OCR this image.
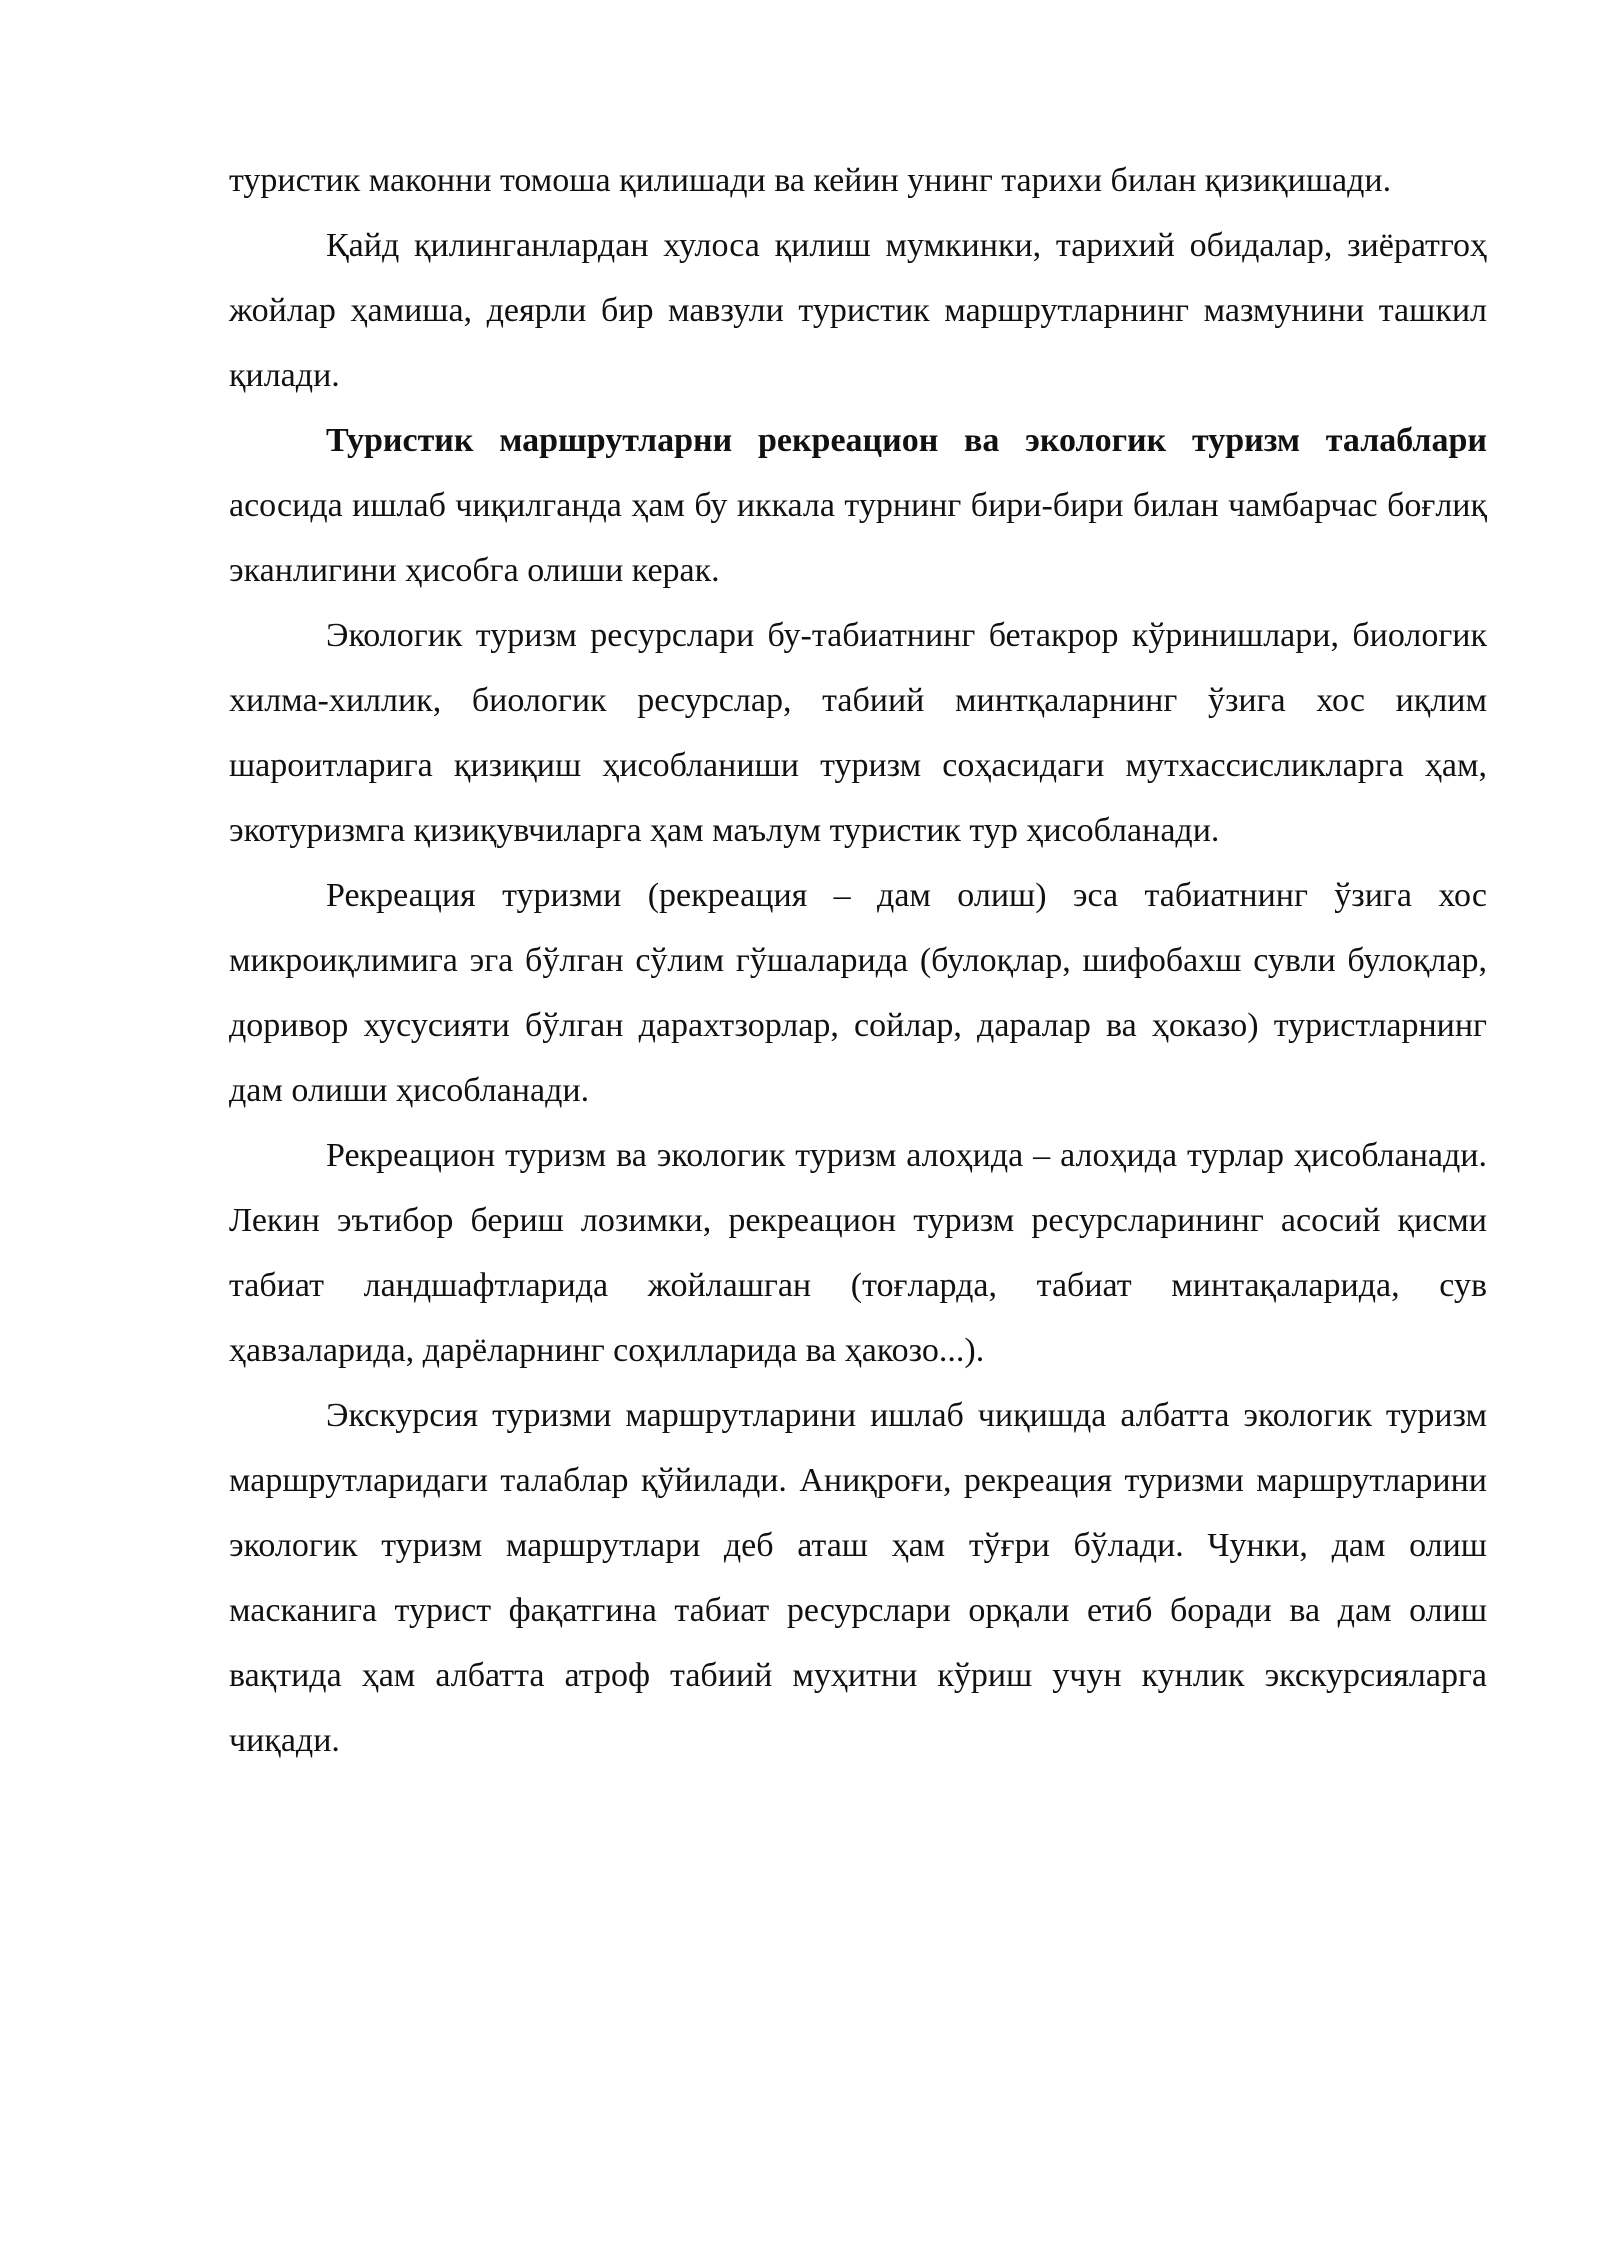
туристик маконни томоша қилишади ва кейин унинг тарихи билан қизиқишади.

Қайд қилинганлардан хулоса қилиш мумкинки, тарихий обидалар, зиёратгоҳ жойлар ҳамиша, деярли бир мавзули туристик маршрутларнинг мазмунини ташкил қилади.

Туристик маршрутларни рекреацион ва экологик туризм талаблари асосида ишлаб чиқилганда ҳам бу иккала турнинг бири-бири билан чамбарчас боғлиқ эканлигини ҳисобга олиши керак.

Экологик туризм ресурслари бу-табиатнинг бетакрор кўринишлари, биологик хилма-хиллик, биологик ресурслар, табиий минтқаларнинг ўзига хос иқлим шароитларига қизиқиш ҳисобланиши туризм соҳасидаги мутхассисликларга ҳам, экотуризмга қизиқувчиларга ҳам маълум туристик тур ҳисобланади.

Рекреация туризми (рекреация – дам олиш) эса табиатнинг ўзига хос микроиқлимига эга бўлган сўлим гўшаларида (булоқлар, шифобахш сувли булоқлар, доривор хусусияти бўлган дарахтзорлар, сойлар, даралар ва ҳоказо) туристларнинг дам олиши ҳисобланади.

Рекреацион туризм ва экологик туризм алоҳида – алоҳида турлар ҳисобланади. Лекин эътибор бериш лозимки, рекреацион туризм ресурсларининг асосий қисми табиат ландшафтларида жойлашган (тоғларда, табиат минтақаларида, сув ҳавзаларида, дарёларнинг соҳилларида ва ҳакозо...).

Экскурсия туризми маршрутларини ишлаб чиқишда албатта экологик туризм маршрутларидаги талаблар қўйилади. Аниқроғи, рекреация туризми маршрутларини экологик туризм маршрутлари деб аташ ҳам тўғри бўлади. Чунки, дам олиш масканига турист фақатгина табиат ресурслари орқали етиб боради ва дам олиш вақтида ҳам албатта атроф табиий муҳитни кўриш учун кунлик экскурсияларга чиқади.
